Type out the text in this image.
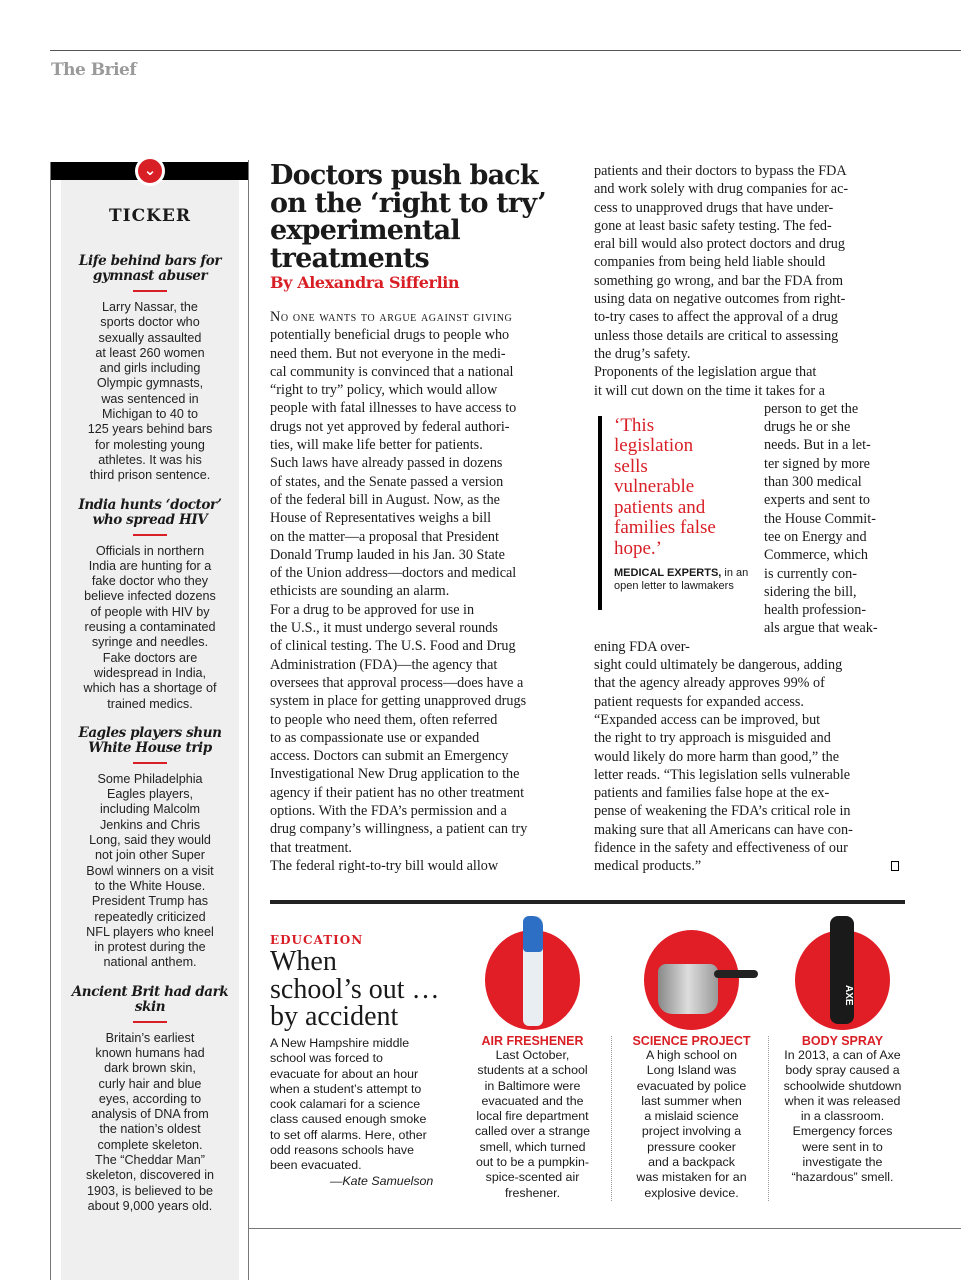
The Brief
⌄
TICKER
Life behind bars for gymnast abuser

Larry Nassar, the
sports doctor who
sexually assaulted
at least 260 women
and girls including
Olympic gymnasts,
was sentenced in
Michigan to 40 to
125 years behind bars
for molesting young
athletes. It was his
third prison sentence.

India hunts ‘doctor’ who spread HIV

Officials in northern
India are hunting for a
fake doctor who they
believe infected dozens
of people with HIV by
reusing a contaminated
syringe and needles.
Fake doctors are
widespread in India,
which has a shortage of
trained medics.

Eagles players shun White House trip

Some Philadelphia
Eagles players,
including Malcolm
Jenkins and Chris
Long, said they would
not join other Super
Bowl winners on a visit
to the White House.
President Trump has
repeatedly criticized
NFL players who kneel
in protest during the
national anthem.

Ancient Brit had dark skin

Britain’s earliest
known humans had
dark brown skin,
curly hair and blue
eyes, according to
analysis of DNA from
the nation’s oldest
complete skeleton.
The “Cheddar Man”
skeleton, discovered in
1903, is believed to be
about 9,000 years old.

Doctors push back
on the ‘right to try’
experimental
treatments
By Alexandra Sifferlin
No one wants to argue against giving
potentially beneficial drugs to people who
need them. But not everyone in the medi-
cal community is convinced that a national
“right to try” policy, which would allow
people with fatal illnesses to have access to
drugs not yet approved by federal authori-
ties, will make life better for patients.
Such laws have already passed in dozens
of states, and the Senate passed a version
of the federal bill in August. Now, as the
House of Representatives weighs a bill
on the matter—a proposal that President
Donald Trump lauded in his Jan. 30 State
of the Union address—doctors and medical
ethicists are sounding an alarm.
For a drug to be approved for use in
the U.S., it must undergo several rounds
of clinical testing. The U.S. Food and Drug
Administration (FDA)—the agency that
oversees that approval process—does have a
system in place for getting unapproved drugs
to people who need them, often referred
to as compassionate use or expanded
access. Doctors can submit an Emergency
Investigational New Drug application to the
agency if their patient has no other treatment
options. With the FDA’s permission and a
drug company’s willingness, a patient can try
that treatment.
The federal right-to-try bill would allow
patients and their doctors to bypass the FDA
and work solely with drug companies for ac-
cess to unapproved drugs that have under-
gone at least basic safety testing. The fed-
eral bill would also protect doctors and drug
companies from being held liable should
something go wrong, and bar the FDA from
using data on negative outcomes from right-
to-try cases to affect the approval of a drug
unless those details are critical to assessing
the drug’s safety.
Proponents of the legislation argue that
it will cut down on the time it takes for a
‘This
legislation
sells
vulnerable
patients and
families false
hope.’
MEDICAL EXPERTS, in an open letter to lawmakers
person to get the
drugs he or she
needs. But in a let-
ter signed by more
than 300 medical
experts and sent to
the House Commit-
tee on Energy and
Commerce, which
is currently con-
sidering the bill,
health profession-
als argue that weak-
ening FDA over-
sight could ultimately be dangerous, adding
that the agency already approves 99% of
patient requests for expanded access.
“Expanded access can be improved, but
the right to try approach is misguided and
would likely do more harm than good,” the
letter reads. “This legislation sells vulnerable
patients and families false hope at the ex-
pense of weakening the FDA’s critical role in
making sure that all Americans can have con-
fidence in the safety and effectiveness of our
medical products.”
EDUCATION
When
school’s out …
by accident
A New Hampshire middle
school was forced to
evacuate for about an hour
when a student’s attempt to
cook calamari for a science
class caused enough smoke
to set off alarms. Here, other
odd reasons schools have
been evacuated.
—Kate Samuelson
AIR FRESHENER

Last October,
students at a school
in Baltimore were
evacuated and the
local fire department
called over a strange
smell, which turned
out to be a pumpkin-
spice-scented air
freshener.

SCIENCE PROJECT

A high school on
Long Island was
evacuated by police
last summer when
a mislaid science
project involving a
pressure cooker
and a backpack
was mistaken for an
explosive device.

AXE
BODY SPRAY

In 2013, a can of Axe
body spray caused a
schoolwide shutdown
when it was released
in a classroom.
Emergency forces
were sent in to
investigate the
“hazardous” smell.
